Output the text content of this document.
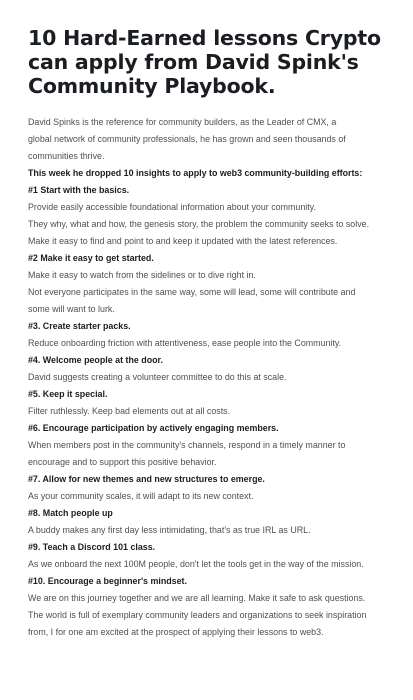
10 Hard-Earned lessons Crypto can apply from David Spink's Community Playbook.

David Spinks is the reference for community builders, as the Leader of CMX, a

global network of community professionals, he has grown and seen thousands of

communities thrive.

This week he dropped 10 insights to apply to web3 community-building efforts:

#1 Start with the basics.

Provide easily accessible foundational information about your community.

They why, what and how, the genesis story, the problem the community seeks to solve.

Make it easy to find and point to and keep it updated with the latest references.

#2 Make it easy to get started.

Make it easy to watch from the sidelines or to dive right in.

Not everyone participates in the same way, some will lead, some will contribute and

some will want to lurk.

#3. Create starter packs.

Reduce onboarding friction with attentiveness, ease people into the Community.

#4. Welcome people at the door.

David suggests creating a volunteer committee to do this at scale.

#5. Keep it special.

Filter ruthlessly. Keep bad elements out at all costs.

#6. Encourage participation by actively engaging members.

When members post in the community's channels, respond in a timely manner to

encourage and to support this positive behavior.

#7. Allow for new themes and new structures to emerge.

As your community scales, it will adapt to its new context.

#8. Match people up

A buddy makes any first day less intimidating, that's as true IRL as URL.

#9. Teach a Discord 101 class.

As we onboard the next 100M people, don't let the tools get in the way of the mission.

#10. Encourage a beginner's mindset.

We are on this journey together and we are all learning. Make it safe to ask questions.

The world is full of exemplary community leaders and organizations to seek inspiration

from, I for one am excited at the prospect of applying their lessons to web3.
